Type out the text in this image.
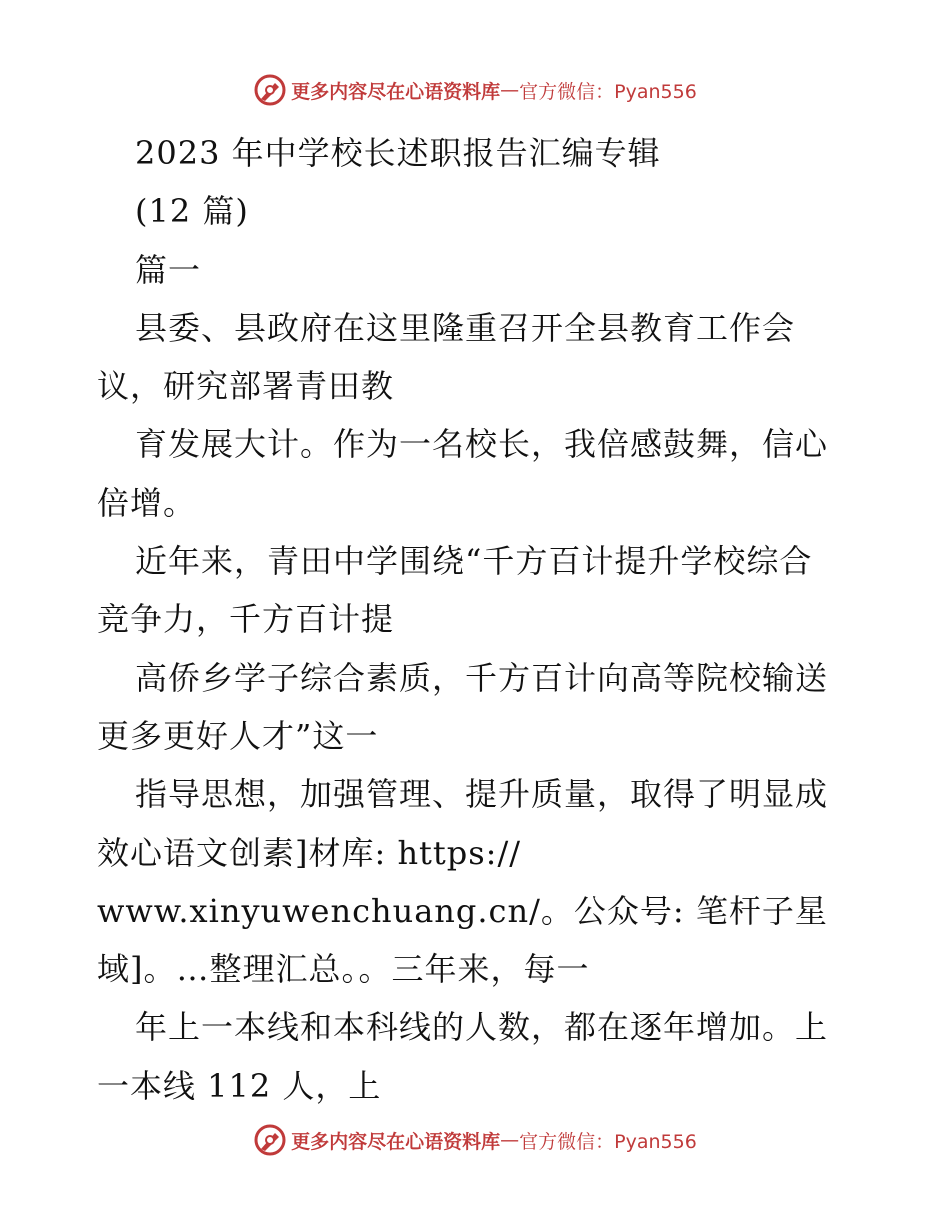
更多内容尽在心语资料库 — 官方微信：Pyan556
2023 年中学校长述职报告汇编专辑
(12 篇)
篇一
县委、县政府在这里隆重召开全县教育工作会
议，研究部署青田教
育发展大计。作为一名校长，我倍感鼓舞，信心
倍增。
近年来，青田中学围绕“千方百计提升学校综合
竞争力，千方百计提
高侨乡学子综合素质，千方百计向高等院校输送
更多更好人才”这一
指导思想，加强管理、提升质量，取得了明显成
效心语文创素]材库: https://
www.xinyuwenchuang.cn/。公众号: 笔杆子星
域]。…整理汇总。。三年来，每一
年上一本线和本科线的人数，都在逐年增加。上
一本线 112 人，上
更多内容尽在心语资料库 — 官方微信：Pyan556
